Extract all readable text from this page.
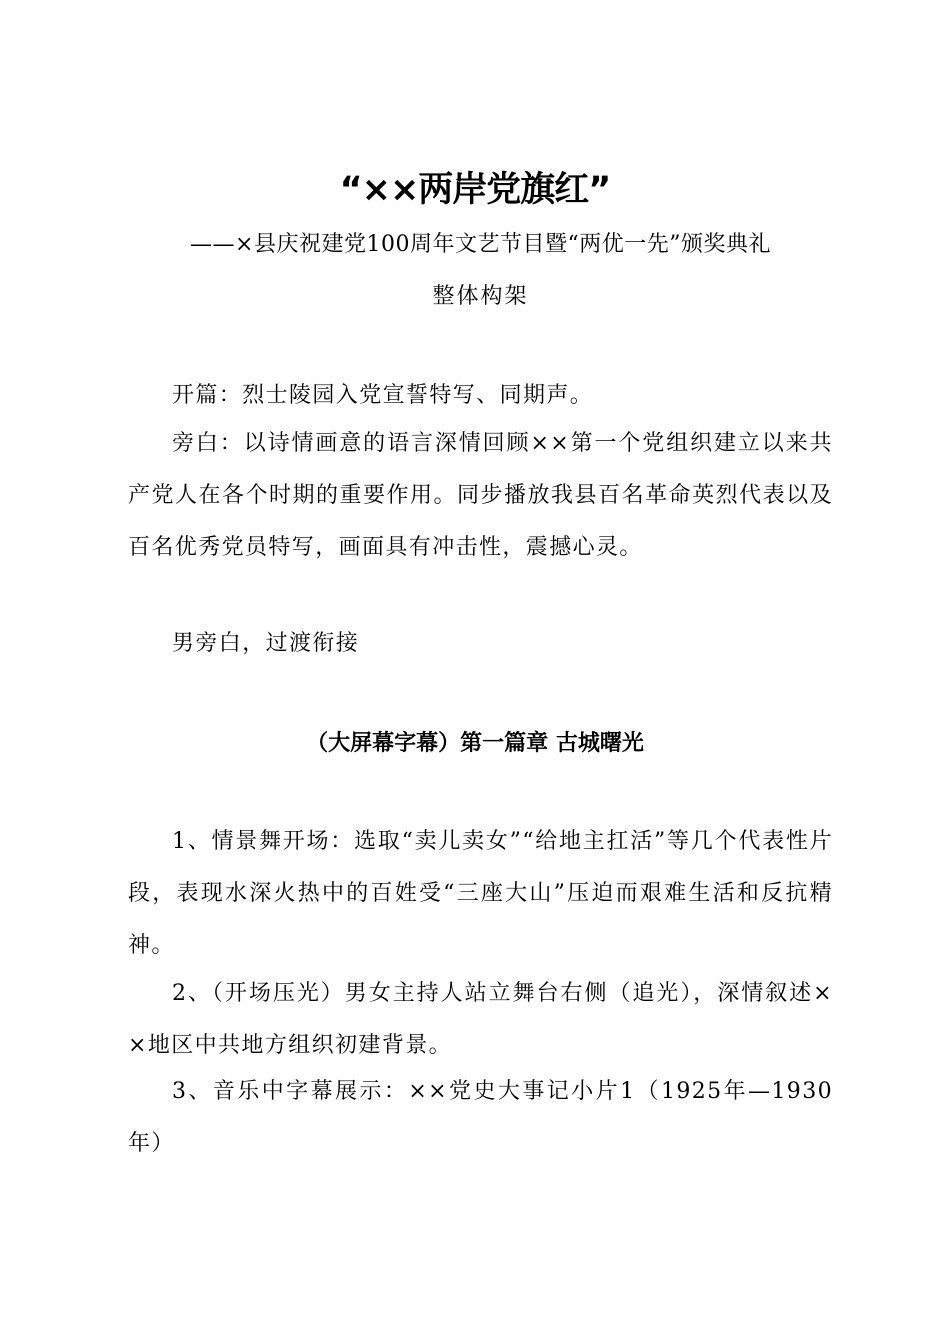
“××两岸党旗红”
——×县庆祝建党100周年文艺节目暨“两优一先”颁奖典礼
整体构架

开篇：烈士陵园入党宣誓特写、同期声。

旁白：以诗情画意的语言深情回顾××第一个党组织建立以来共产党人在各个时期的重要作用。同步播放我县百名革命英烈代表以及百名优秀党员特写，画面具有冲击性，震撼心灵。

男旁白，过渡衔接

（大屏幕字幕）第一篇章 古城曙光

1、情景舞开场：选取“卖儿卖女”“给地主扛活”等几个代表性片段，表现水深火热中的百姓受“三座大山”压迫而艰难生活和反抗精神。

2、（开场压光）男女主持人站立舞台右侧（追光），深情叙述××地区中共地方组织初建背景。

3、音乐中字幕展示：××党史大事记小片1（1925年—1930年）
